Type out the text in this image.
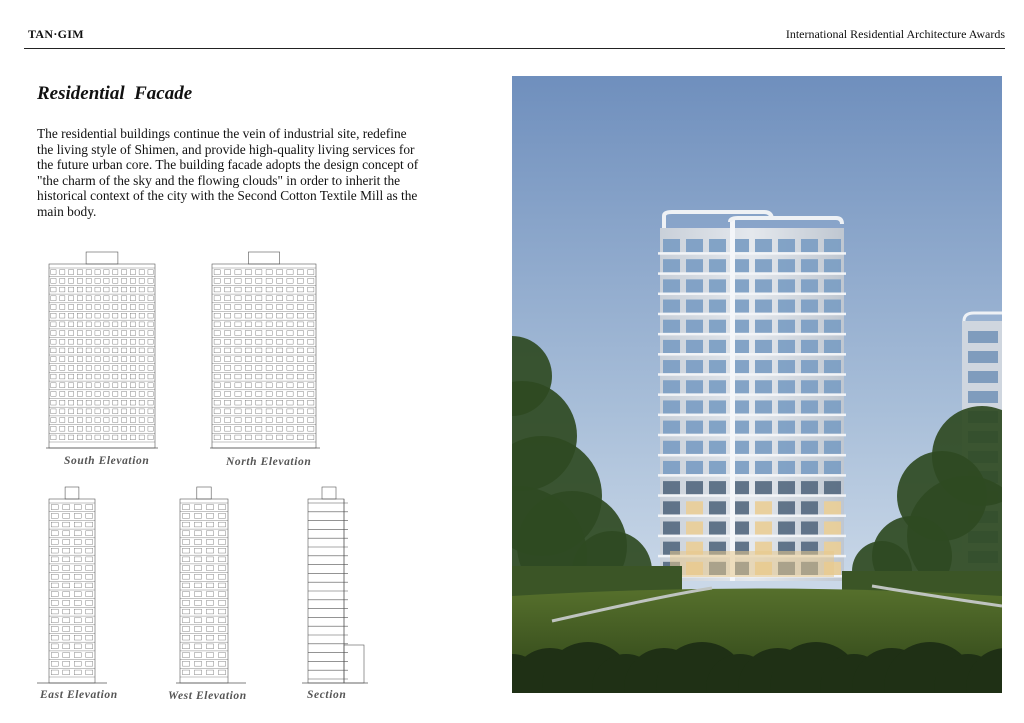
TAN·GIM	International Residential Architecture Awards
Residential  Facade

The residential buildings continue the vein of industrial site, redefine the living style of Shimen, and provide high-quality living services for the future urban core. The building facade adopts the design concept of "the charm of the sky and the flowing clouds" in order to inherit the historical context of the city with the Second Cotton Textile Mill as the main body.

South Elevation	North Elevation
East Elevation	West Elevation	Section
